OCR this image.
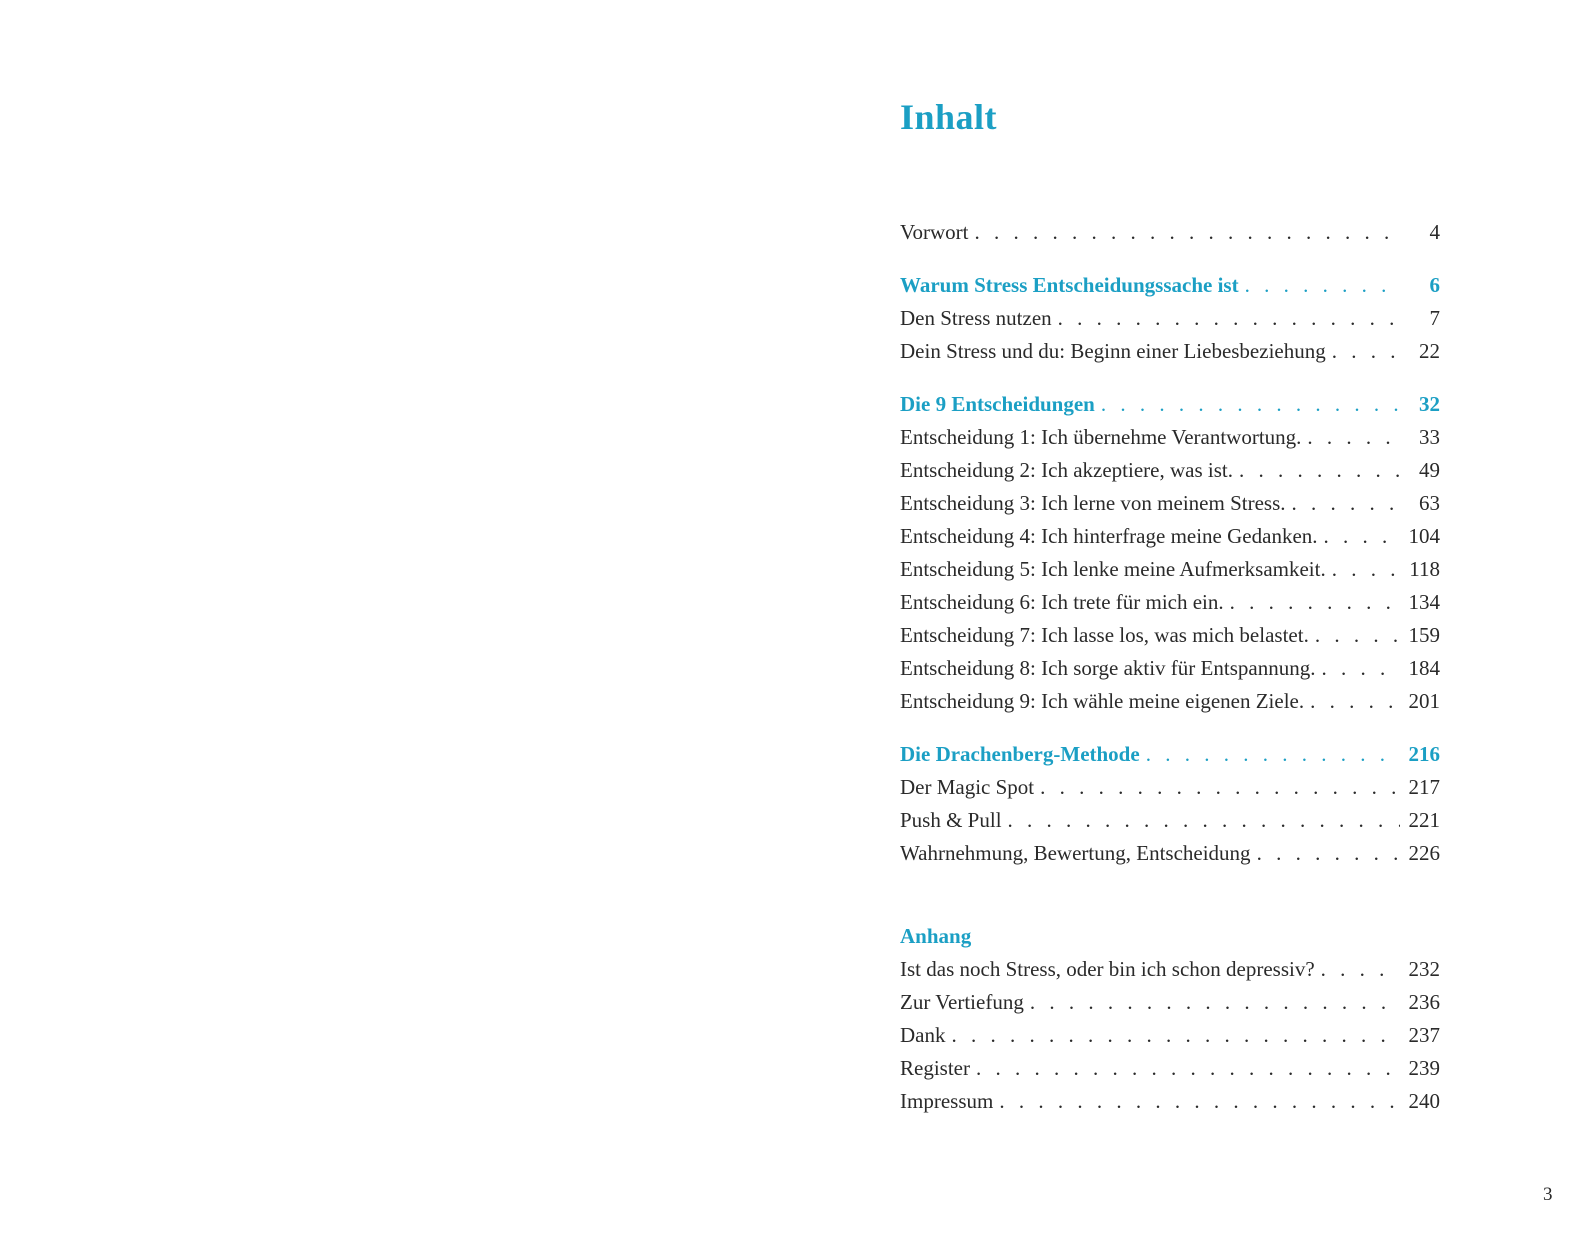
Inhalt
Vorwort . . .	4
Warum Stress Entscheidungssache ist . . .	6
Den Stress nutzen . . .	7
Dein Stress und du: Beginn einer Liebesbeziehung . . .	22
Die 9 Entscheidungen . . .	32
Entscheidung 1: Ich übernehme Verantwortung. . . .	33
Entscheidung 2: Ich akzeptiere, was ist. . . .	49
Entscheidung 3: Ich lerne von meinem Stress. . . .	63
Entscheidung 4: Ich hinterfrage meine Gedanken. . . .	104
Entscheidung 5: Ich lenke meine Aufmerksamkeit. . . .	118
Entscheidung 6: Ich trete für mich ein. . . .	134
Entscheidung 7: Ich lasse los, was mich belastet. . . .	159
Entscheidung 8: Ich sorge aktiv für Entspannung. . . .	184
Entscheidung 9: Ich wähle meine eigenen Ziele. . . .	201
Die Drachenberg-Methode . . .	216
Der Magic Spot . . .	217
Push & Pull . . .	221
Wahrnehmung, Bewertung, Entscheidung . . .	226
Anhang
Ist das noch Stress, oder bin ich schon depressiv? . . .	232
Zur Vertiefung . . .	236
Dank . . .	237
Register . . .	239
Impressum . . .	240
3
